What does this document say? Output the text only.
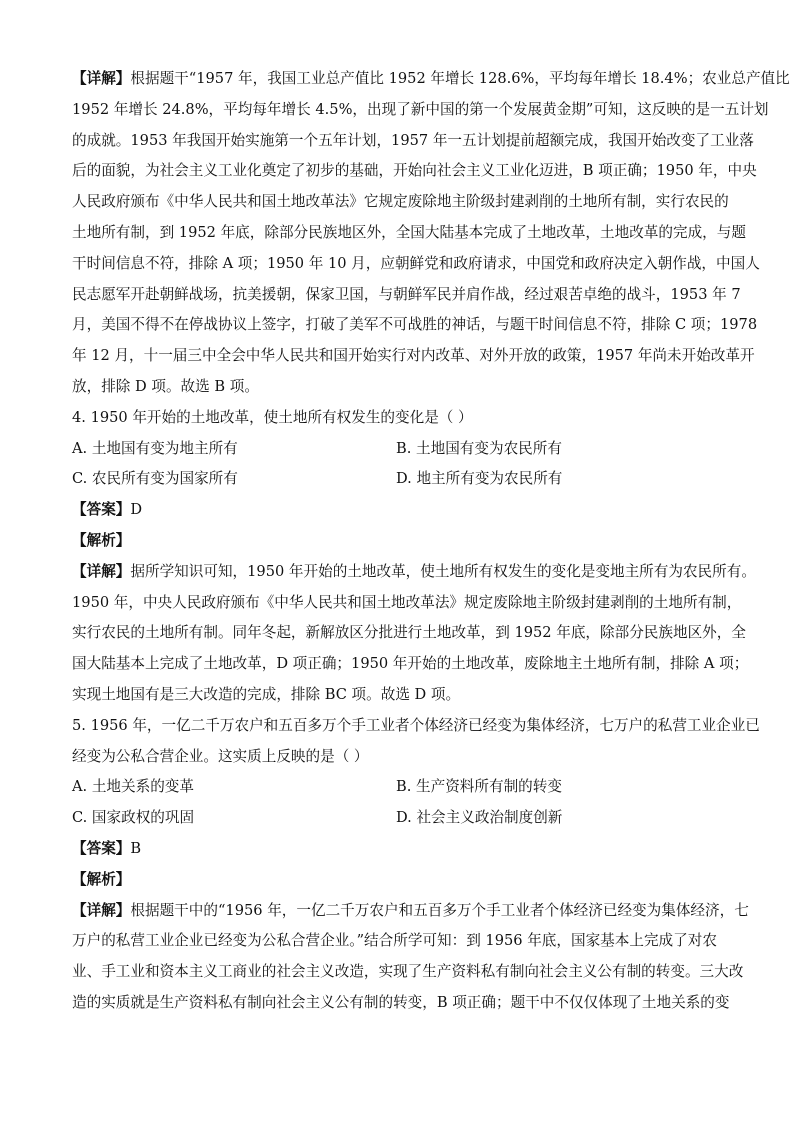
【详解】根据题干“1957 年，我国工业总产值比 1952 年增长 128.6%，平均每年增长 18.4%；农业总产值比
1952 年增长 24.8%，平均每年增长 4.5%，出现了新中国的第一个发展黄金期”可知，这反映的是一五计划
的成就。1953 年我国开始实施第一个五年计划，1957 年一五计划提前超额完成，我国开始改变了工业落
后的面貌，为社会主义工业化奠定了初步的基础，开始向社会主义工业化迈进，B 项正确；1950 年，中央
人民政府颁布《中华人民共和国土地改革法》它规定废除地主阶级封建剥削的土地所有制，实行农民的
土地所有制，到 1952 年底，除部分民族地区外，全国大陆基本完成了土地改革，土地改革的完成，与题
干时间信息不符，排除 A 项；1950 年 10 月，应朝鲜党和政府请求，中国党和政府决定入朝作战，中国人
民志愿军开赴朝鲜战场，抗美援朝，保家卫国，与朝鲜军民并肩作战，经过艰苦卓绝的战斗，1953 年 7
月，美国不得不在停战协议上签字，打破了美军不可战胜的神话，与题干时间信息不符，排除 C 项；1978
年 12 月，十一届三中全会中华人民共和国开始实行对内改革、对外开放的政策，1957 年尚未开始改革开
放，排除 D 项。故选 B 项。
4. 1950 年开始的土地改革，使土地所有权发生的变化是（ ）
A. 土地国有变为地主所有	B. 土地国有变为农民所有
C. 农民所有变为国家所有	D. 地主所有变为农民所有
【答案】D
【解析】
【详解】据所学知识可知，1950 年开始的土地改革，使土地所有权发生的变化是变地主所有为农民所有。
1950 年，中央人民政府颁布《中华人民共和国土地改革法》规定废除地主阶级封建剥削的土地所有制，
实行农民的土地所有制。同年冬起，新解放区分批进行土地改革，到 1952 年底，除部分民族地区外，全
国大陆基本上完成了土地改革，D 项正确；1950 年开始的土地改革，废除地主土地所有制，排除 A 项；
实现土地国有是三大改造的完成，排除 BC 项。故选 D 项。
5. 1956 年，一亿二千万农户和五百多万个手工业者个体经济已经变为集体经济，七万户的私营工业企业已
经变为公私合营企业。这实质上反映的是（ ）
A. 土地关系的变革	B. 生产资料所有制的转变
C. 国家政权的巩固	D. 社会主义政治制度创新
【答案】B
【解析】
【详解】根据题干中的“1956 年，一亿二千万农户和五百多万个手工业者个体经济已经变为集体经济，七
万户的私营工业企业已经变为公私合营企业。”结合所学可知：到 1956 年底，国家基本上完成了对农
业、手工业和资本主义工商业的社会主义改造，实现了生产资料私有制向社会主义公有制的转变。三大改
造的实质就是生产资料私有制向社会主义公有制的转变，B 项正确；题干中不仅仅体现了土地关系的变
